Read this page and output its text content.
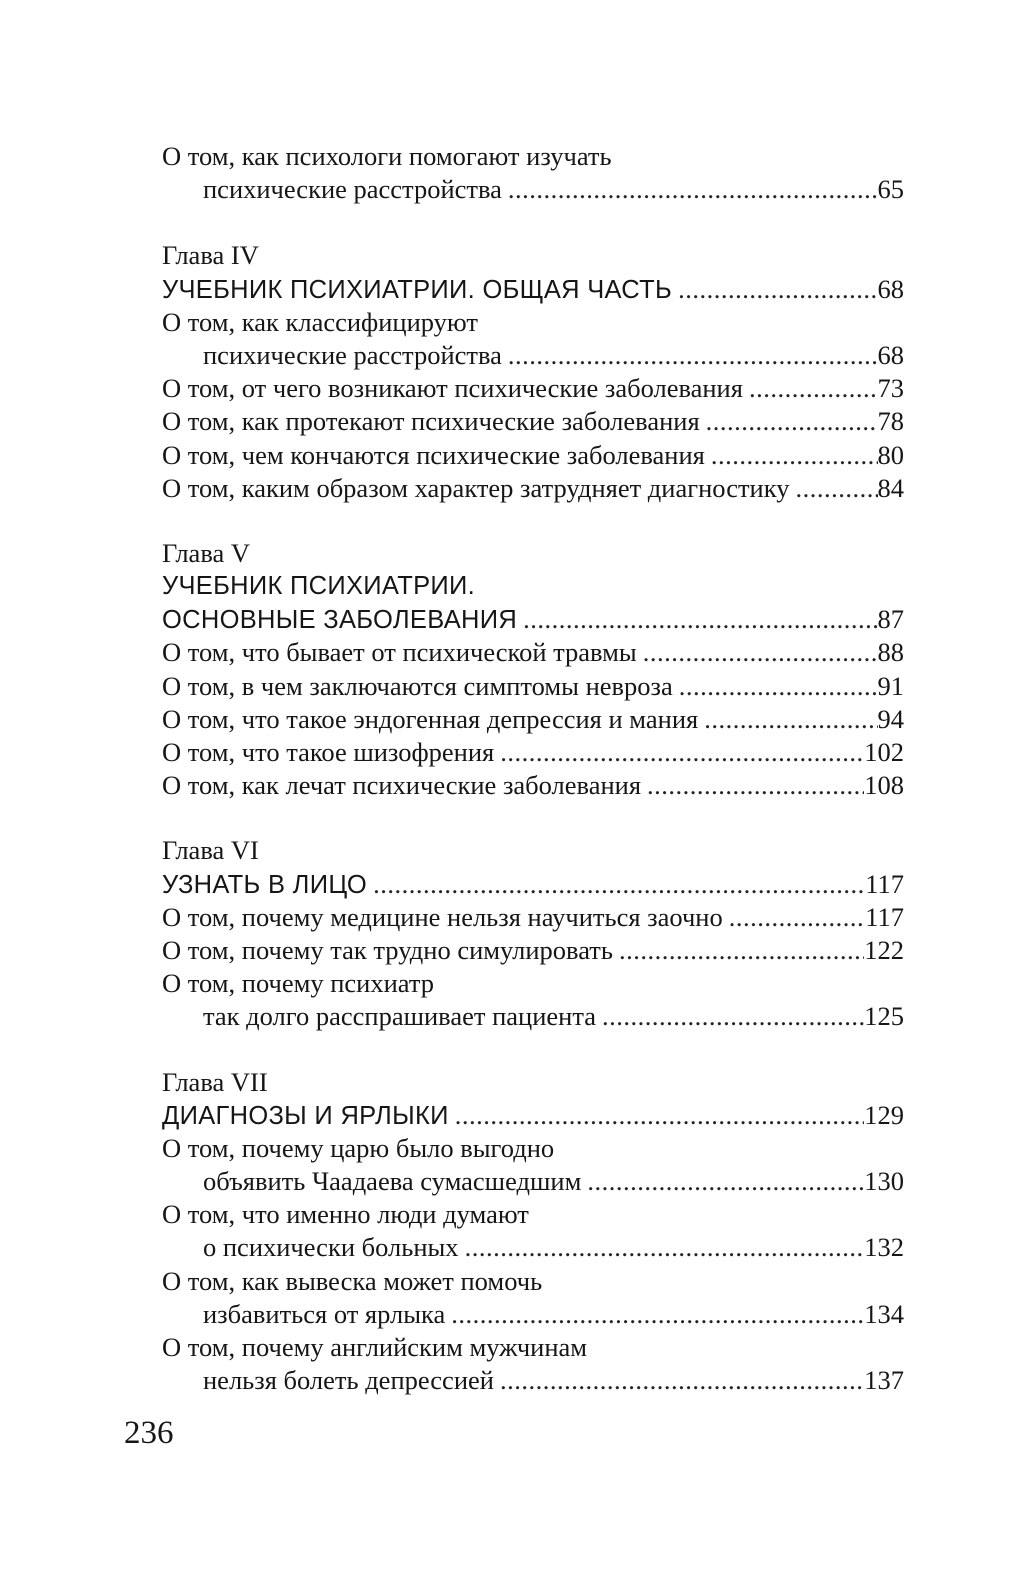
О том, как психологи помогают изучать
психические расстройства .....	65
Глава IV
УЧЕБНИК ПСИХИАТРИИ. ОБЩАЯ ЧАСТЬ .....	68
О том, как классифицируют
психические расстройства .....	68
О том, от чего возникают психические заболевания .....	73
О том, как протекают психические заболевания .....	78
О том, чем кончаются психические заболевания .....	80
О том, каким образом характер затрудняет диагностику .....	84
Глава V
УЧЕБНИК ПСИХИАТРИИ.
ОСНОВНЫЕ ЗАБОЛЕВАНИЯ .....	87
О том, что бывает от психической травмы .....	88
О том, в чем заключаются симптомы невроза .....	91
О том, что такое эндогенная депрессия и мания .....	94
О том, что такое шизофрения .....	102
О том, как лечат психические заболевания .....	108
Глава VI
УЗНАТЬ В ЛИЦО .....	117
О том, почему медицине нельзя научиться заочно .....	117
О том, почему так трудно симулировать .....	122
О том, почему психиатр
так долго расспрашивает пациента .....	125
Глава VII
ДИАГНОЗЫ И ЯРЛЫКИ .....	129
О том, почему царю было выгодно
объявить Чаадаева сумасшедшим .....	130
О том, что именно люди думают
о психически больных .....	132
О том, как вывеска может помочь
избавиться от ярлыка .....	134
О том, почему английским мужчинам
нельзя болеть депрессией .....	137
236
